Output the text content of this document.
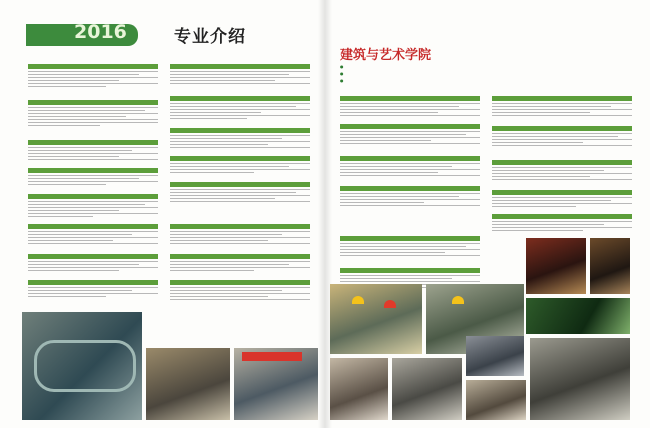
2016	专业介绍
建筑与艺术学院
●
●
●
